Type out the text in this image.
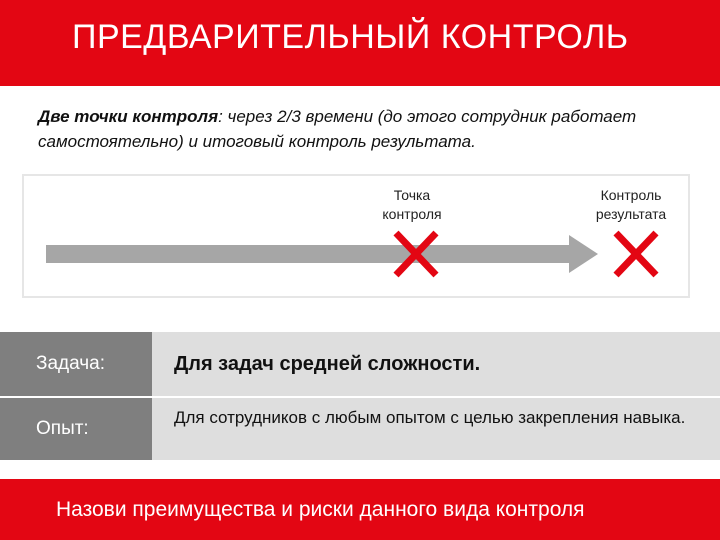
ПРЕДВАРИТЕЛЬНЫЙ КОНТРОЛЬ
Две точки контроля: через 2/3 времени (до этого сотрудник работает самостоятельно) и итоговый контроль результата.
Точка
контроля
Контроль
результата
Задача:	Для задач средней сложности.
Опыт:
Для сотрудников с любым опытом с целью закрепления навыка.
Назови преимущества и риски данного вида контроля
